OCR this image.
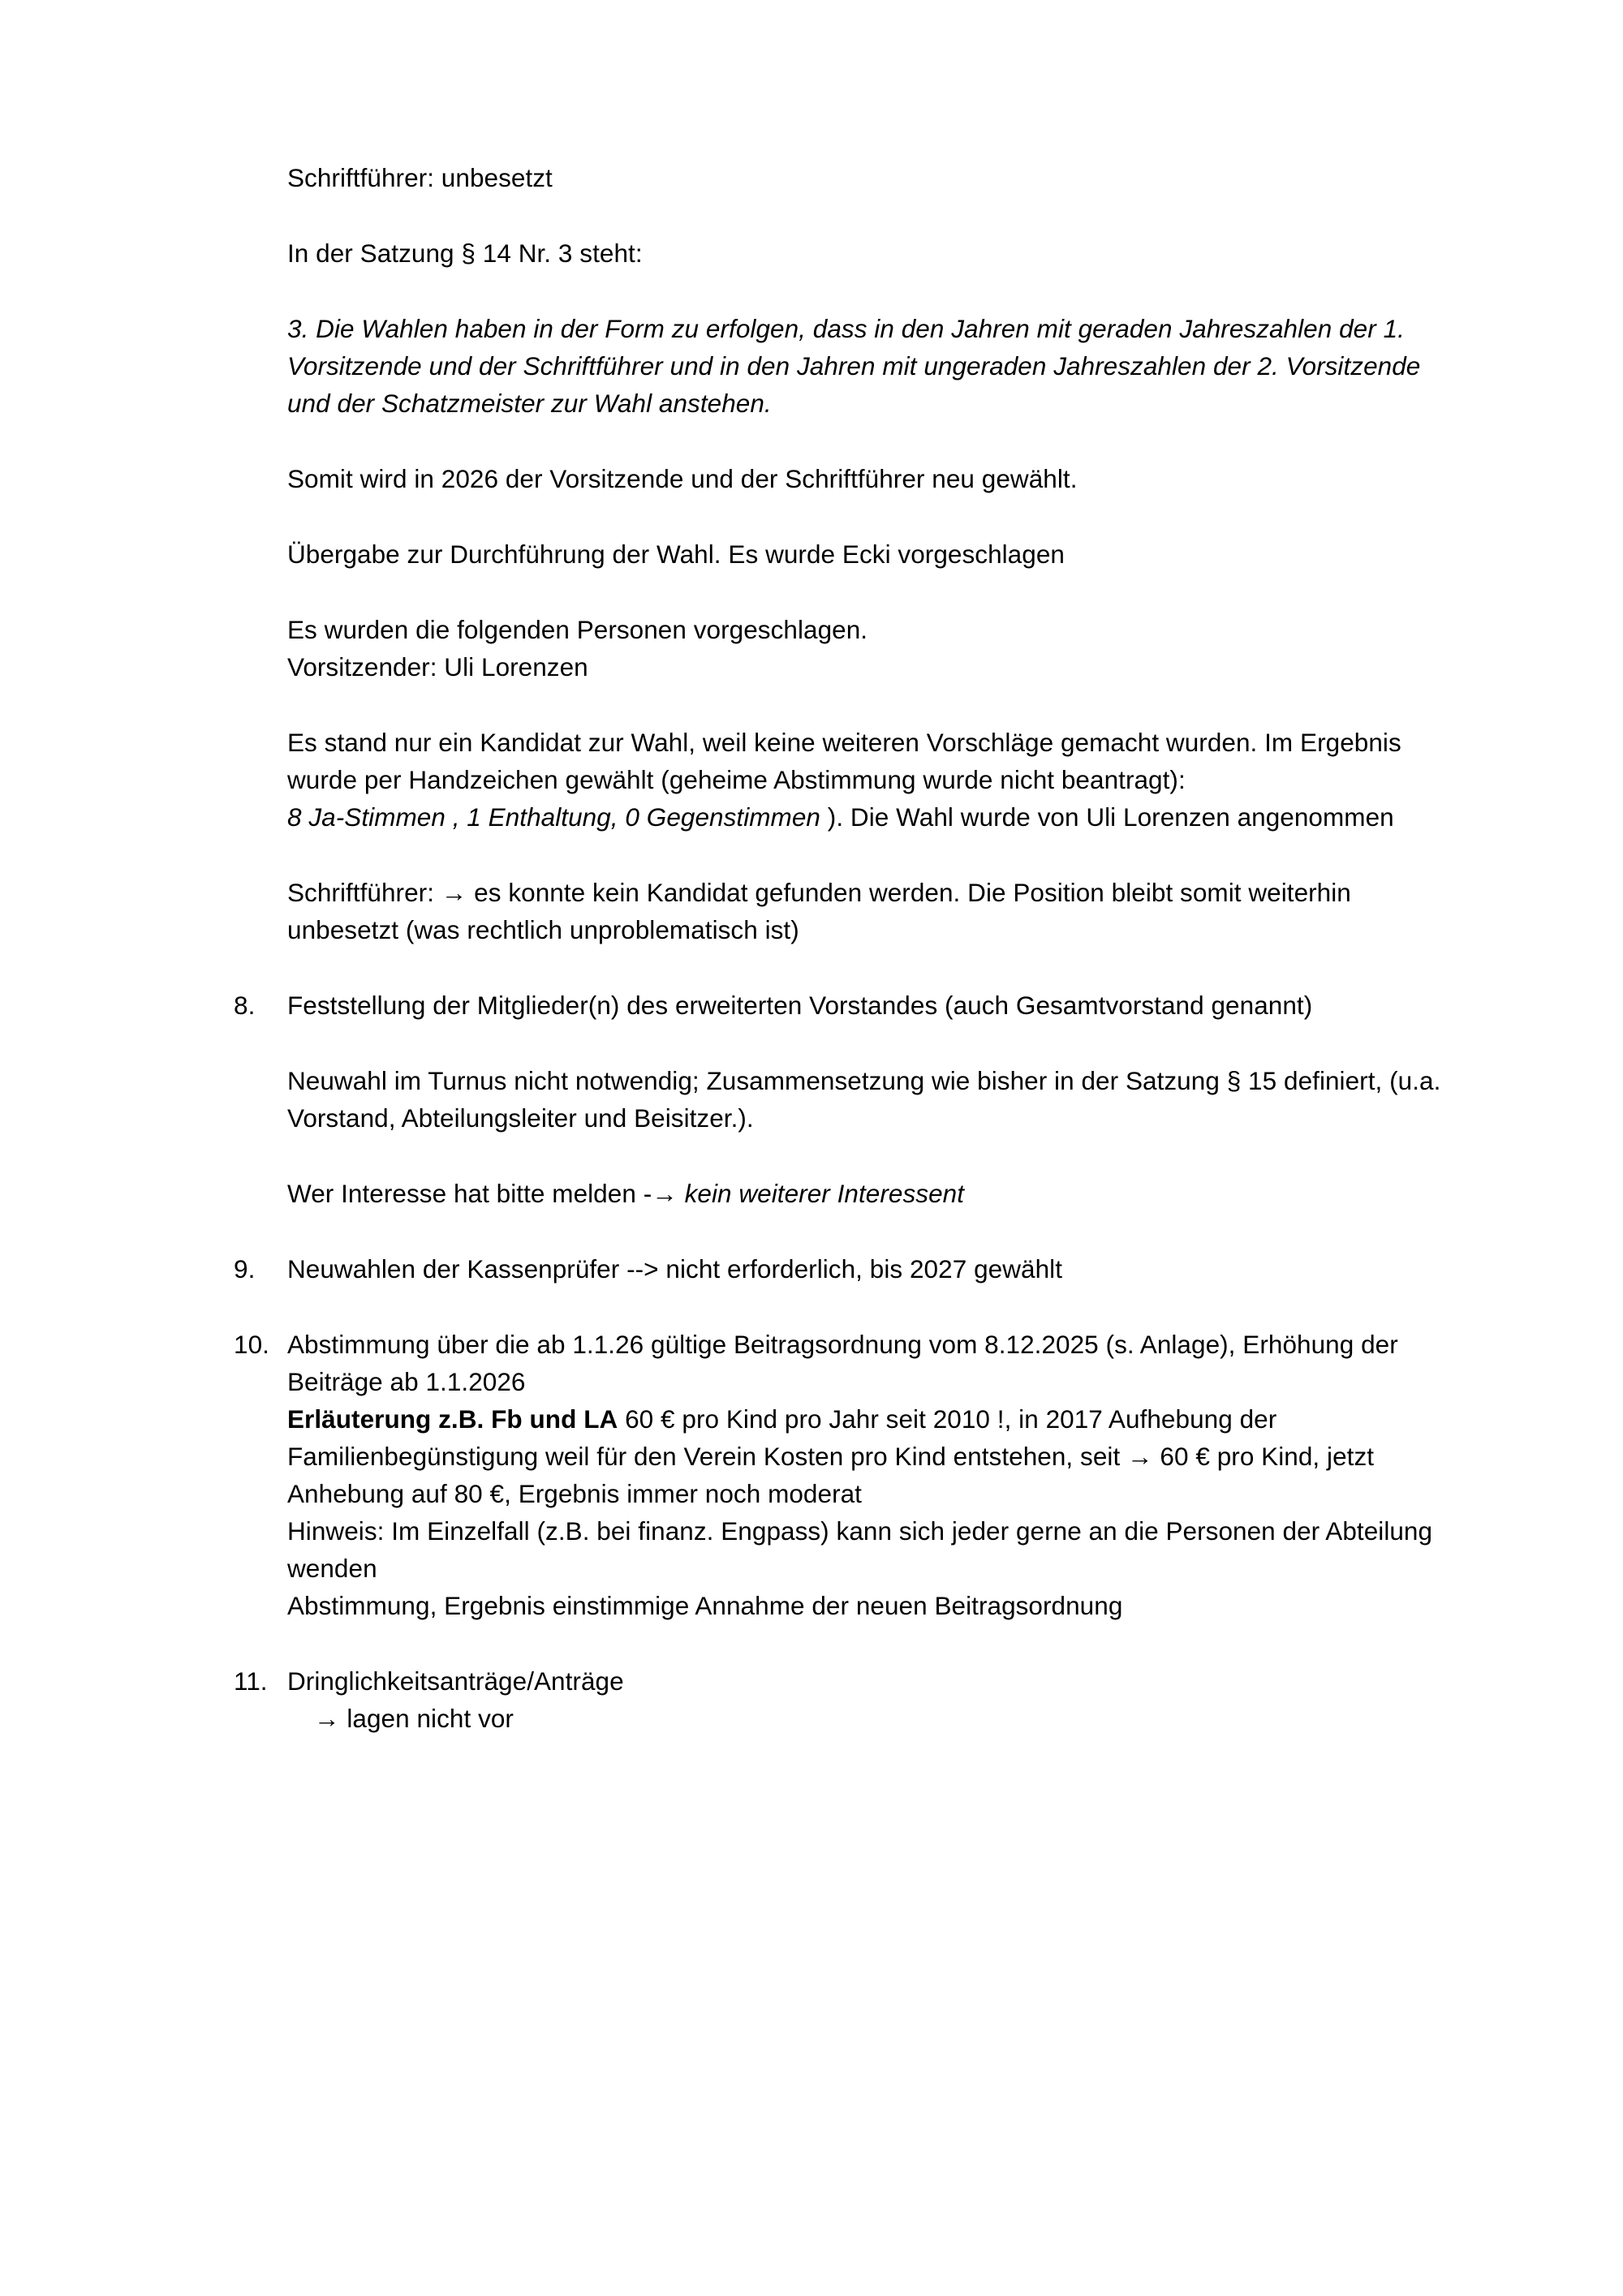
Schriftführer: unbesetzt

In der Satzung § 14 Nr. 3 steht:

3. Die Wahlen haben in der Form zu erfolgen, dass in den Jahren mit geraden Jahreszahlen der 1. Vorsitzende und der Schriftführer und in den Jahren mit ungeraden Jahreszahlen der 2. Vorsitzende und der Schatzmeister zur Wahl anstehen.

Somit wird in 2026 der Vorsitzende und der Schriftführer neu gewählt.

Übergabe zur Durchführung der Wahl. Es wurde Ecki vorgeschlagen

Es wurden die folgenden Personen vorgeschlagen.

Vorsitzender: Uli Lorenzen

Es stand nur ein Kandidat zur Wahl, weil keine weiteren Vorschläge gemacht wurden. Im Ergebnis wurde per Handzeichen gewählt (geheime Abstimmung wurde nicht beantragt):

8 Ja-Stimmen , 1 Enthaltung, 0 Gegenstimmen ). Die Wahl wurde von Uli Lorenzen angenommen

Schriftführer: → es konnte kein Kandidat gefunden werden. Die Position bleibt somit weiterhin unbesetzt (was rechtlich unproblematisch ist)

8.	Feststellung der Mitglieder(n) des erweiterten Vorstandes (auch Gesamtvorstand genannt)
Neuwahl im Turnus nicht notwendig; Zusammensetzung wie bisher in der Satzung § 15 definiert, (u.a. Vorstand, Abteilungsleiter und Beisitzer.).
Wer Interesse hat bitte melden -→ kein weiterer Interessent
9.	Neuwahlen der Kassenprüfer --> nicht erforderlich, bis 2027 gewählt
10. Abstimmung über die ab 1.1.26 gültige Beitragsordnung vom 8.12.2025 (s. Anlage), Erhöhung der Beiträge ab 1.1.2026
Erläuterung z.B. Fb und LA 60 € pro Kind pro Jahr seit 2010 !, in 2017 Aufhebung der Familienbegünstigung weil für den Verein Kosten pro Kind entstehen, seit → 60 € pro Kind, jetzt Anhebung auf 80 €, Ergebnis immer noch moderat
Hinweis: Im Einzelfall (z.B. bei finanz. Engpass) kann sich jeder gerne an die Personen der Abteilung wenden
Abstimmung, Ergebnis einstimmige Annahme der neuen Beitragsordnung
11. Dringlichkeitsanträge/Anträge
→ lagen nicht vor
